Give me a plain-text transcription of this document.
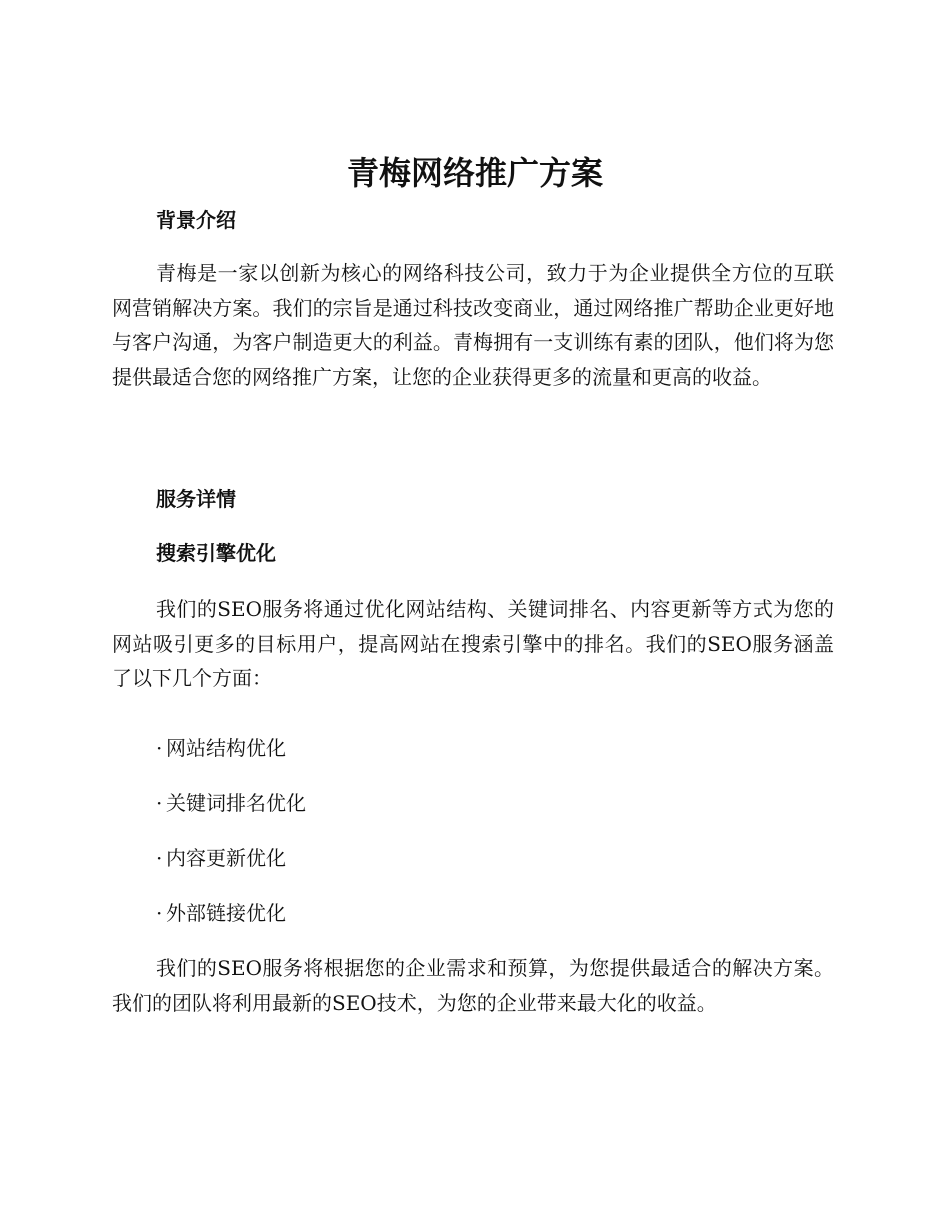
青梅网络推广方案
背景介绍

青梅是一家以创新为核心的网络科技公司，致力于为企业提供全方位的互联网营销解决方案。我们的宗旨是通过科技改变商业，通过网络推广帮助企业更好地与客户沟通，为客户制造更大的利益。青梅拥有一支训练有素的团队，他们将为您提供最适合您的网络推广方案，让您的企业获得更多的流量和更高的收益。

服务详情
搜索引擎优化

我们的SEO服务将通过优化网站结构、关键词排名、内容更新等方式为您的网站吸引更多的目标用户，提高网站在搜索引擎中的排名。我们的SEO服务涵盖了以下几个方面：

· 网站结构优化

· 关键词排名优化

· 内容更新优化

· 外部链接优化

我们的SEO服务将根据您的企业需求和预算，为您提供最适合的解决方案。我们的团队将利用最新的SEO技术，为您的企业带来最大化的收益。
